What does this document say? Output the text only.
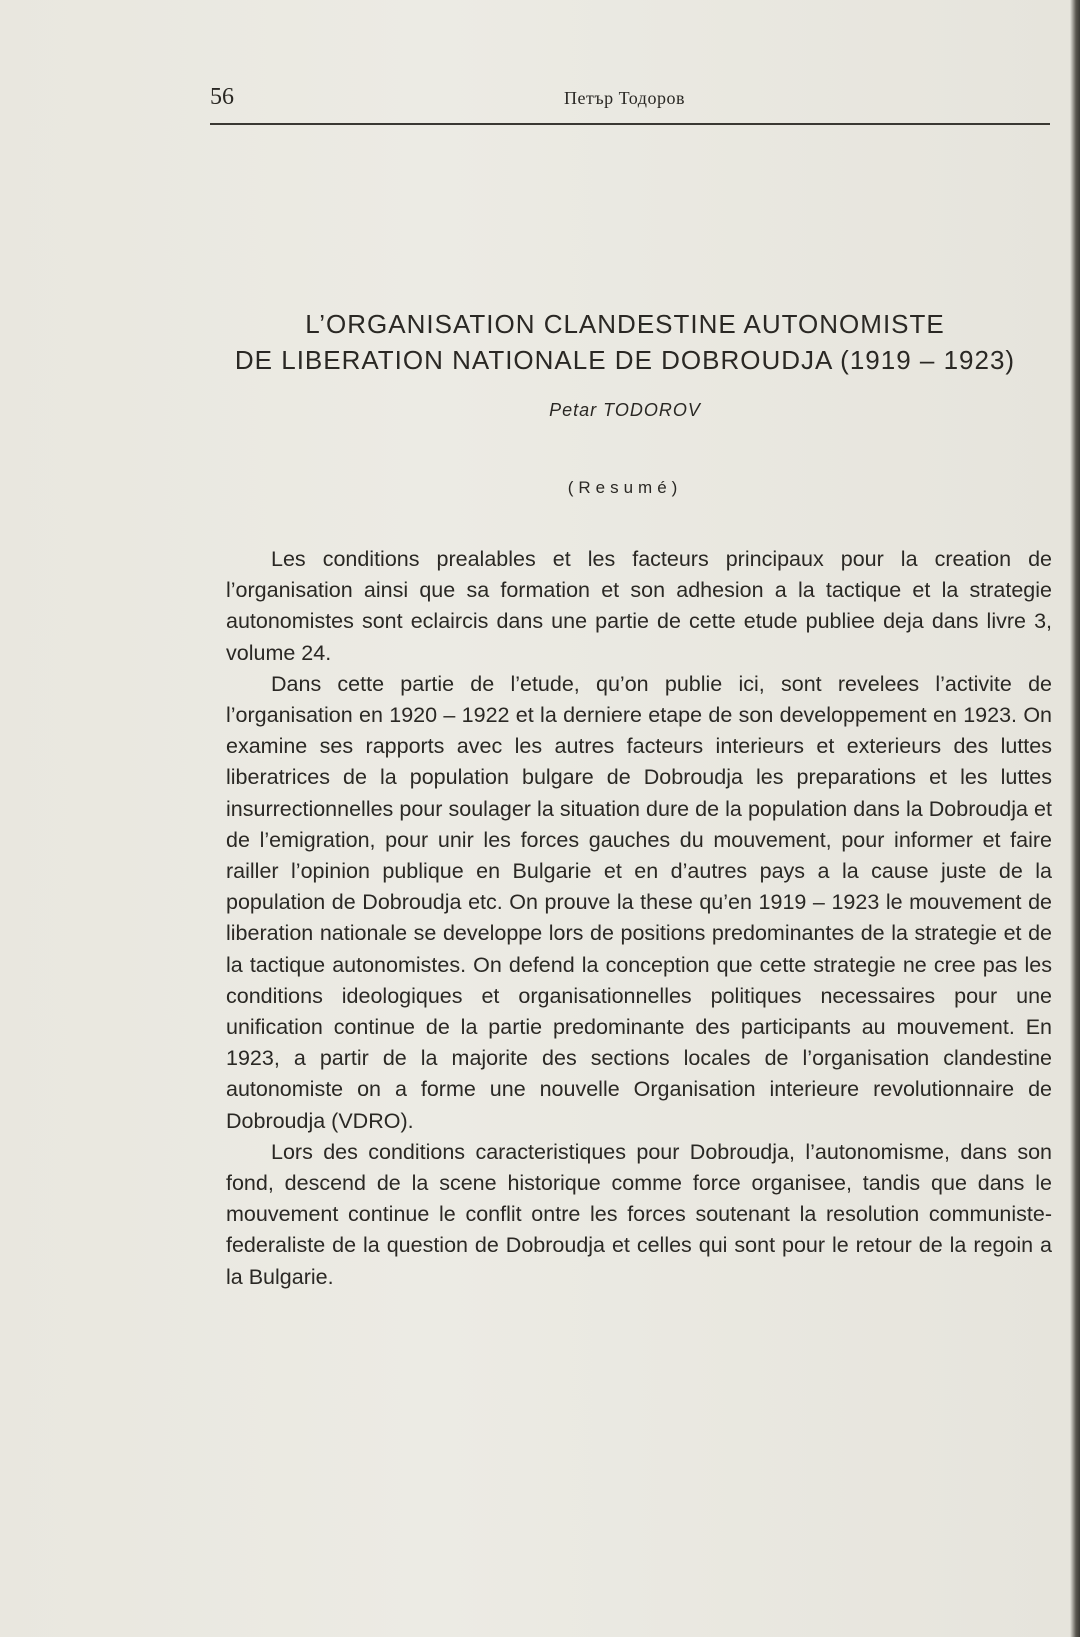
56	Петър Тодоров
L’ORGANISATION CLANDESTINE AUTONOMISTE
DE LIBERATION NATIONALE DE DOBROUDJA (1919 – 1923)
Petar TODOROV
(Resumé)

Les conditions prealables et les facteurs principaux pour la creation de l’organisation ainsi que sa formation et son adhesion a la tactique et la strategie autonomistes sont eclaircis dans une partie de cette etude publiee deja dans livre 3, volume 24.

Dans cette partie de l’etude, qu’on publie ici, sont revelees l’activite de l’organisation en 1920 – 1922 et la derniere etape de son developpement en 1923. On examine ses rapports avec les autres facteurs interieurs et exterieurs des luttes liberatrices de la population bulgare de Dobroudja les preparations et les luttes insurrectionnelles pour soulager la situation dure de la population dans la Dobroudja et de l’emigration, pour unir les forces gauches du mouvement, pour informer et faire railler l’opinion publique en Bulgarie et en d’autres pays a la cause juste de la population de Dobroudja etc. On prouve la these qu’en 1919 – 1923 le mouvement de liberation nationale se developpe lors de positions predominantes de la strategie et de la tactique autonomistes. On defend la conception que cette strategie ne cree pas les conditions ideologiques et organisationnelles politiques necessaires pour une unification continue de la partie predominante des participants au mouvement. En 1923, a partir de la majorite des sections locales de l’organisation clandestine autonomiste on a forme une nouvelle Organisation interieure revolutionnaire de Dobroudja (VDRO).

Lors des conditions caracteristiques pour Dobroudja, l’autonomisme, dans son fond, descend de la scene historique comme force organisee, tandis que dans le mouvement continue le conflit ontre les forces soutenant la resolution communiste-federaliste de la question de Dobroudja et celles qui sont pour le retour de la regoin a la Bulgarie.
